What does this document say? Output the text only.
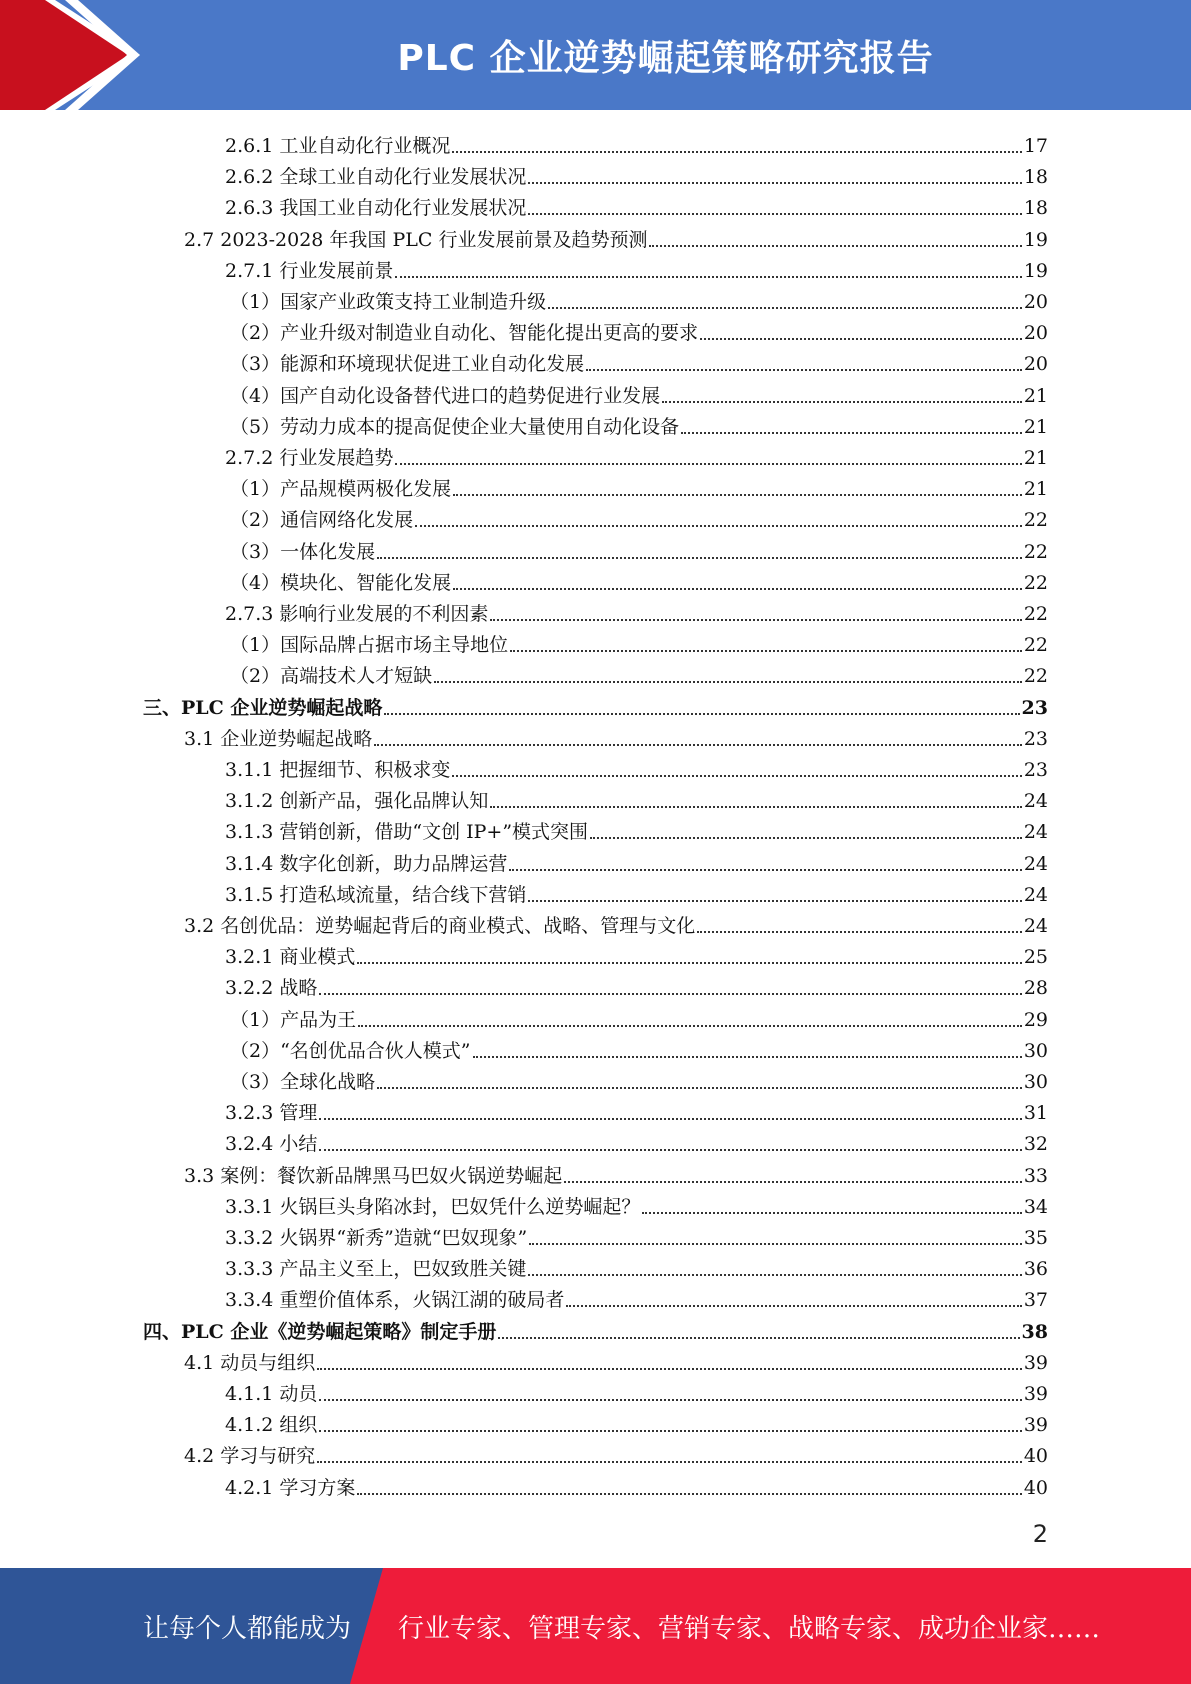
PLC 企业逆势崛起策略研究报告
2.6.1 工业自动化行业概况	17
2.6.2 全球工业自动化行业发展状况	18
2.6.3 我国工业自动化行业发展状况	18
2.7 2023-2028 年我国 PLC 行业发展前景及趋势预测	19
2.7.1 行业发展前景	19
（1）国家产业政策支持工业制造升级	20
（2）产业升级对制造业自动化、智能化提出更高的要求	20
（3）能源和环境现状促进工业自动化发展	20
（4）国产自动化设备替代进口的趋势促进行业发展	21
（5）劳动力成本的提高促使企业大量使用自动化设备	21
2.7.2 行业发展趋势	21
（1）产品规模两极化发展	21
（2）通信网络化发展	22
（3）一体化发展	22
（4）模块化、智能化发展	22
2.7.3 影响行业发展的不利因素	22
（1）国际品牌占据市场主导地位	22
（2）高端技术人才短缺	22
三、PLC 企业逆势崛起战略	23
3.1 企业逆势崛起战略	23
3.1.1 把握细节、积极求变	23
3.1.2 创新产品，强化品牌认知	24
3.1.3 营销创新，借助“文创 IP+”模式突围	24
3.1.4 数字化创新，助力品牌运营	24
3.1.5 打造私域流量，结合线下营销	24
3.2 名创优品：逆势崛起背后的商业模式、战略、管理与文化	24
3.2.1 商业模式	25
3.2.2 战略	28
（1）产品为王	29
（2）“名创优品合伙人模式”	30
（3）全球化战略	30
3.2.3 管理	31
3.2.4 小结	32
3.3 案例：餐饮新品牌黑马巴奴火锅逆势崛起	33
3.3.1 火锅巨头身陷冰封，巴奴凭什么逆势崛起？	34
3.3.2 火锅界“新秀”造就“巴奴现象”	35
3.3.3 产品主义至上，巴奴致胜关键	36
3.3.4 重塑价值体系，火锅江湖的破局者	37
四、PLC 企业《逆势崛起策略》制定手册	38
4.1 动员与组织	39
4.1.1 动员	39
4.1.2 组织	39
4.2 学习与研究	40
4.2.1 学习方案	40
2
让每个人都能成为 行业专家、管理专家、营销专家、战略专家、成功企业家……
